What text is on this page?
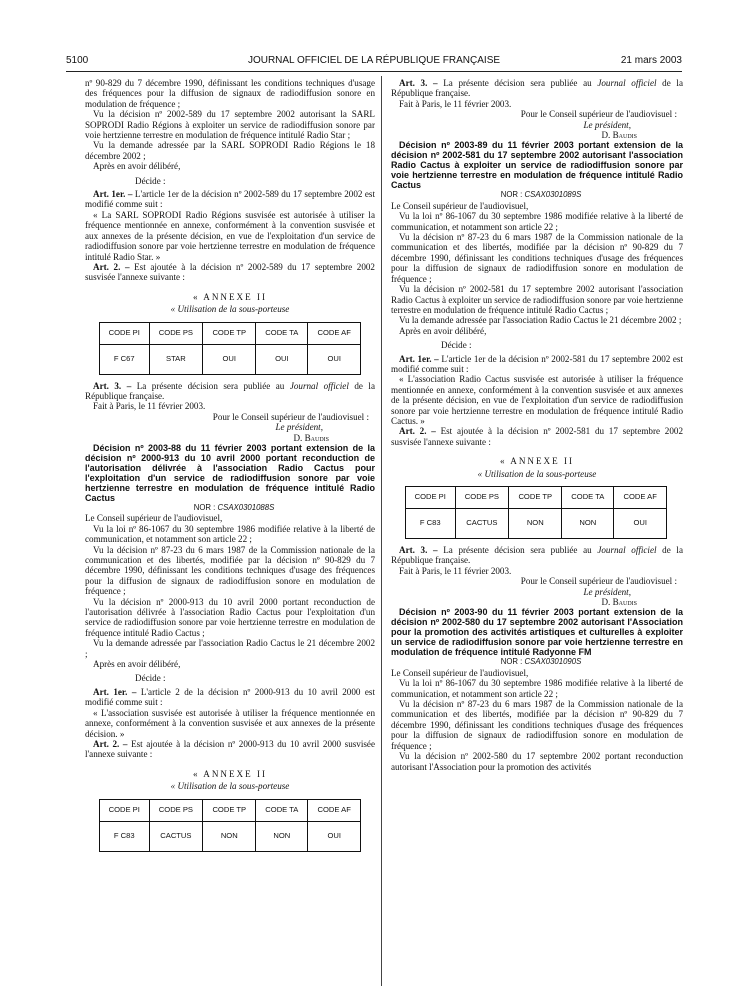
5100	JOURNAL OFFICIEL DE LA RÉPUBLIQUE FRANÇAISE	21 mars 2003

nº 90-829 du 7 décembre 1990, définissant les conditions techniques d'usage des fréquences pour la diffusion de signaux de radiodiffusion sonore en modulation de fréquence ;

Vu la décision nº 2002-589 du 17 septembre 2002 autorisant la SARL SOPRODI Radio Régions à exploiter un service de radiodiffusion sonore par voie hertzienne terrestre en modulation de fréquence intitulé Radio Star ;

Vu la demande adressée par la SARL SOPRODI Radio Régions le 18 décembre 2002 ;

Après en avoir délibéré,

Décide :

Art. 1er. – L'article 1er de la décision nº 2002-589 du 17 septembre 2002 est modifié comme suit :

« La SARL SOPRODI Radio Régions susvisée est autorisée à utiliser la fréquence mentionnée en annexe, conformément à la convention susvisée et aux annexes de la présente décision, en vue de l'exploitation d'un service de radiodiffusion sonore par voie hertzienne terrestre en modulation de fréquence intitulé Radio Star. »

Art. 2. – Est ajoutée à la décision nº 2002-589 du 17 septembre 2002 susvisée l'annexe suivante :

« ANNEXE II

« Utilisation de la sous-porteuse

CODE PI	CODE PS	CODE TP	CODE TA	CODE AF
F C67	STAR	OUI	OUI	OUI

Art. 3. – La présente décision sera publiée au Journal officiel de la République française.

Fait à Paris, le 11 février 2003.

Pour le Conseil supérieur de l'audiovisuel :
Le président,
D. Baudis

Décision nº 2003-88 du 11 février 2003 portant extension de la décision nº 2000-913 du 10 avril 2000 portant reconduction de l'autorisation délivrée à l'association Radio Cactus pour l'exploitation d'un service de radiodiffusion sonore par voie hertzienne terrestre en modulation de fréquence intitulé Radio Cactus

NOR : CSAX0301088S

Le Conseil supérieur de l'audiovisuel,

Vu la loi nº 86-1067 du 30 septembre 1986 modifiée relative à la liberté de communication, et notamment son article 22 ;

Vu la décision nº 87-23 du 6 mars 1987 de la Commission nationale de la communication et des libertés, modifiée par la décision nº 90-829 du 7 décembre 1990, définissant les conditions techniques d'usage des fréquences pour la diffusion de signaux de radiodiffusion sonore en modulation de fréquence ;

Vu la décision nº 2000-913 du 10 avril 2000 portant reconduction de l'autorisation délivrée à l'association Radio Cactus pour l'exploitation d'un service de radiodiffusion sonore par voie hertzienne terrestre en modulation de fréquence intitulé Radio Cactus ;

Vu la demande adressée par l'association Radio Cactus le 21 décembre 2002 ;

Après en avoir délibéré,

Décide :

Art. 1er. – L'article 2 de la décision nº 2000-913 du 10 avril 2000 est modifié comme suit :

« L'association susvisée est autorisée à utiliser la fréquence mentionnée en annexe, conformément à la convention susvisée et aux annexes de la présente décision. »

Art. 2. – Est ajoutée à la décision nº 2000-913 du 10 avril 2000 susvisée l'annexe suivante :

« ANNEXE II

« Utilisation de la sous-porteuse

CODE PI	CODE PS	CODE TP	CODE TA	CODE AF
F C83	CACTUS	NON	NON	OUI

Art. 3. – La présente décision sera publiée au Journal officiel de la République française.

Fait à Paris, le 11 février 2003.

Pour le Conseil supérieur de l'audiovisuel :
Le président,
D. Baudis

Décision nº 2003-89 du 11 février 2003 portant extension de la décision nº 2002-581 du 17 septembre 2002 autorisant l'association Radio Cactus à exploiter un service de radiodiffusion sonore par voie hertzienne terrestre en modulation de fréquence intitulé Radio Cactus

NOR : CSAX0301089S

Le Conseil supérieur de l'audiovisuel,

Vu la loi nº 86-1067 du 30 septembre 1986 modifiée relative à la liberté de communication, et notamment son article 22 ;

Vu la décision nº 87-23 du 6 mars 1987 de la Commission nationale de la communication et des libertés, modifiée par la décision nº 90-829 du 7 décembre 1990, définissant les conditions techniques d'usage des fréquences pour la diffusion de signaux de radiodiffusion sonore en modulation de fréquence ;

Vu la décision nº 2002-581 du 17 septembre 2002 autorisant l'association Radio Cactus à exploiter un service de radiodiffusion sonore par voie hertzienne terrestre en modulation de fréquence intitulé Radio Cactus ;

Vu la demande adressée par l'association Radio Cactus le 21 décembre 2002 ;

Après en avoir délibéré,

Décide :

Art. 1er. – L'article 1er de la décision nº 2002-581 du 17 septembre 2002 est modifié comme suit :

« L'association Radio Cactus susvisée est autorisée à utiliser la fréquence mentionnée en annexe, conformément à la convention susvisée et aux annexes de la présente décision, en vue de l'exploitation d'un service de radiodiffusion sonore par voie hertzienne terrestre en modulation de fréquence intitulé Radio Cactus. »

Art. 2. – Est ajoutée à la décision nº 2002-581 du 17 septembre 2002 susvisée l'annexe suivante :

« ANNEXE II

« Utilisation de la sous-porteuse

CODE PI	CODE PS	CODE TP	CODE TA	CODE AF
F C83	CACTUS	NON	NON	OUI

Art. 3. – La présente décision sera publiée au Journal officiel de la République française.

Fait à Paris, le 11 février 2003.

Pour le Conseil supérieur de l'audiovisuel :
Le président,
D. Baudis

Décision nº 2003-90 du 11 février 2003 portant extension de la décision nº 2002-580 du 17 septembre 2002 autorisant l'Association pour la promotion des activités artistiques et culturelles à exploiter un service de radiodiffusion sonore par voie hertzienne terrestre en modulation de fréquence intitulé Radyonne FM

NOR : CSAX0301090S

Le Conseil supérieur de l'audiovisuel,

Vu la loi nº 86-1067 du 30 septembre 1986 modifiée relative à la liberté de communication, et notamment son article 22 ;

Vu la décision nº 87-23 du 6 mars 1987 de la Commission nationale de la communication et des libertés, modifiée par la décision nº 90-829 du 7 décembre 1990, définissant les conditions techniques d'usage des fréquences pour la diffusion de signaux de radiodiffusion sonore en modulation de fréquence ;

Vu la décision nº 2002-580 du 17 septembre 2002 portant reconduction autorisant l'Association pour la promotion des activités
